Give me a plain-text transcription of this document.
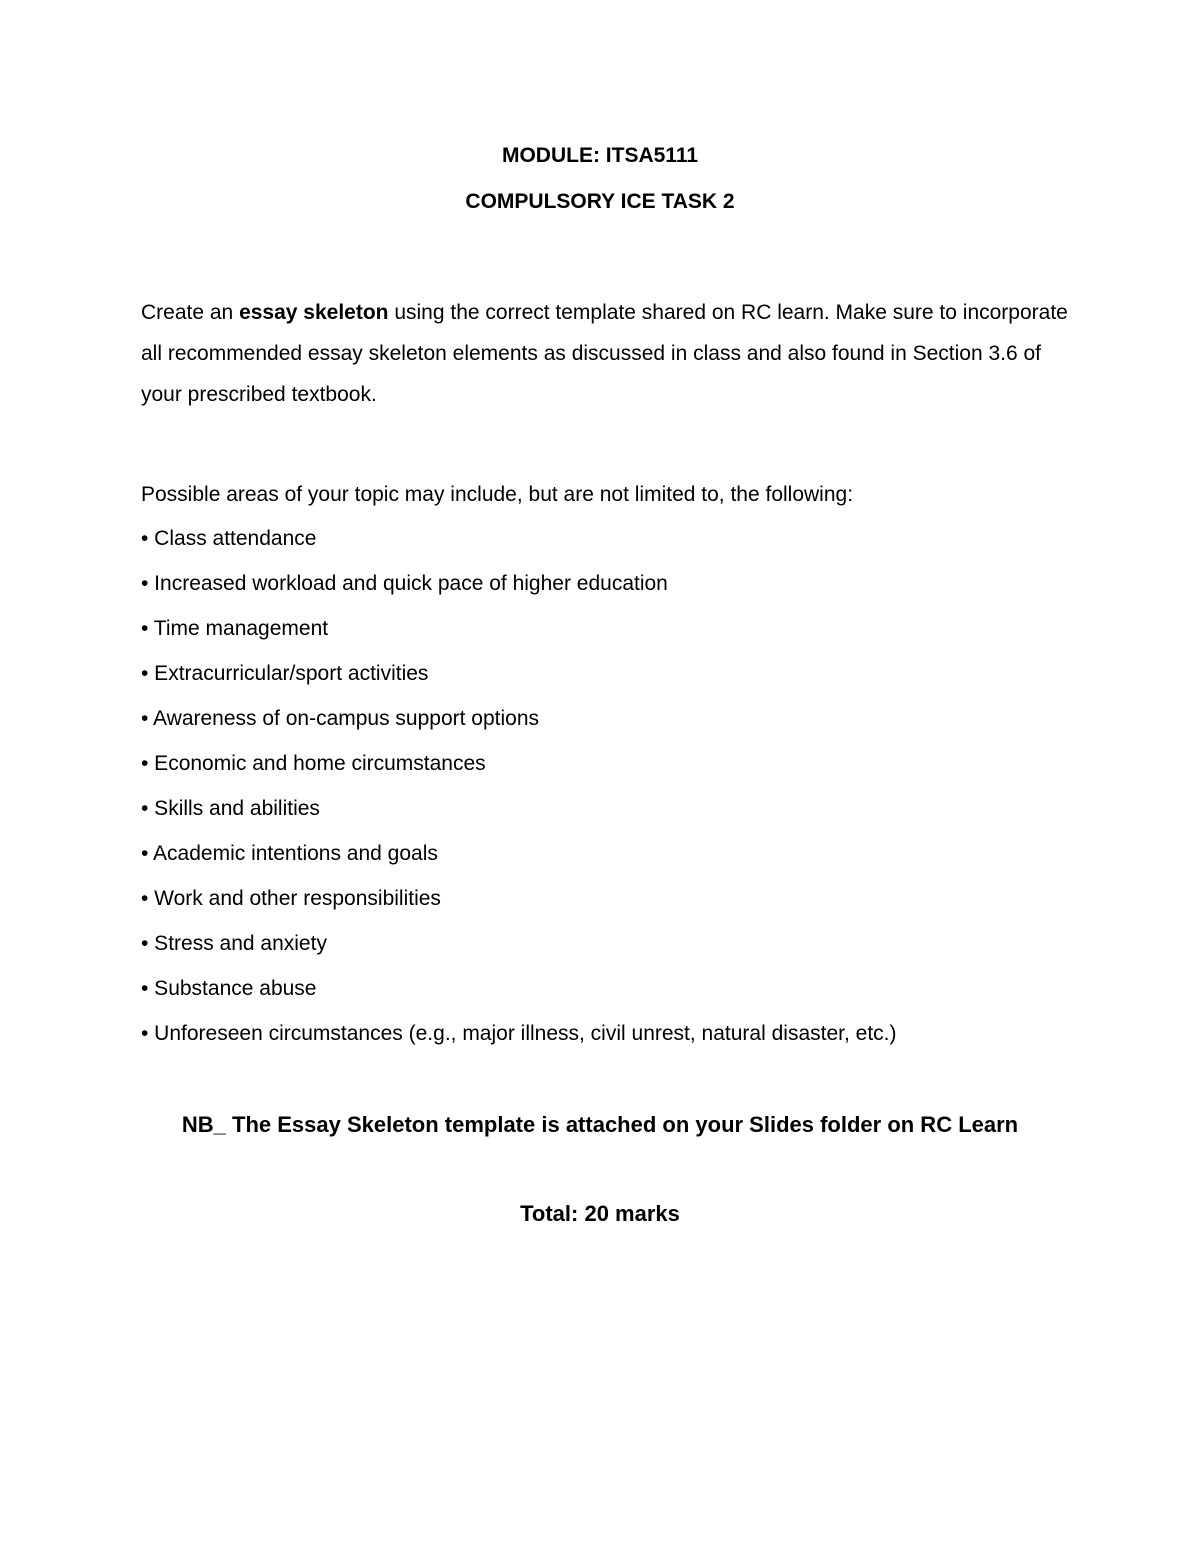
MODULE: ITSA5111
COMPULSORY ICE TASK 2

Create an essay skeleton using the correct template shared on RC learn. Make sure to incorporate all recommended essay skeleton elements as discussed in class and also found in Section 3.6 of your prescribed textbook.

Possible areas of your topic may include, but are not limited to, the following:

• Class attendance
• Increased workload and quick pace of higher education
• Time management
• Extracurricular/sport activities
• Awareness of on-campus support options
• Economic and home circumstances
• Skills and abilities
• Academic intentions and goals
• Work and other responsibilities
• Stress and anxiety
• Substance abuse
• Unforeseen circumstances (e.g., major illness, civil unrest, natural disaster, etc.)
NB_ The Essay Skeleton template is attached on your Slides folder on RC Learn
Total: 20 marks
